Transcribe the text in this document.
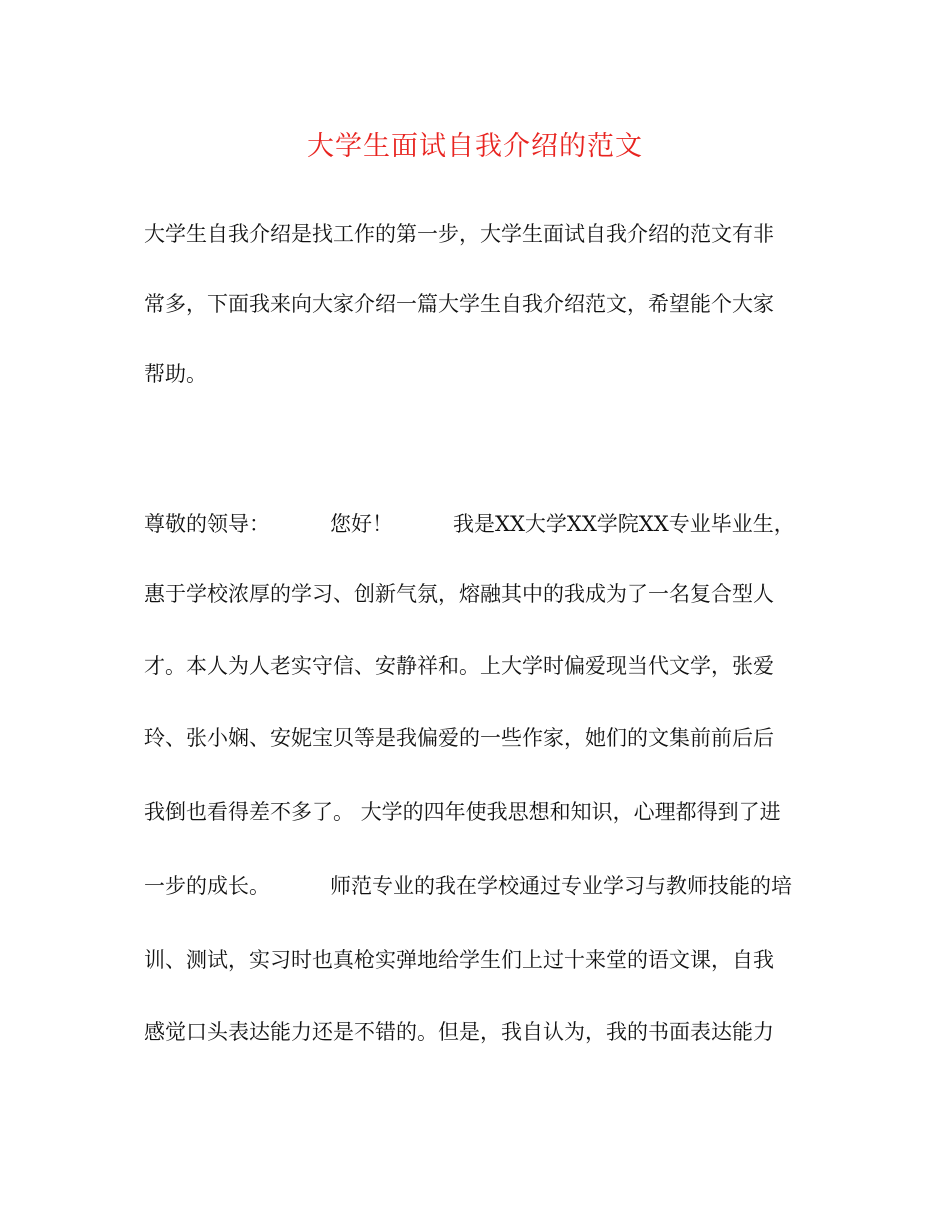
大学生面试自我介绍的范文

大学生自我介绍是找工作的第一步，大学生面试自我介绍的范文有非

常多，下面我来向大家介绍一篇大学生自我介绍范文，希望能个大家

帮助。

尊敬的领导：	您好！	我是XX大学XX学院XX专业毕业生，

惠于学校浓厚的学习、创新气氛，熔融其中的我成为了一名复合型人

才。本人为人老实守信、安静祥和。上大学时偏爱现当代文学，张爱

玲、张小娴、安妮宝贝等是我偏爱的一些作家，她们的文集前前后后

我倒也看得差不多了。 大学的四年使我思想和知识，心理都得到了进

一步的成长。	师范专业的我在学校通过专业学习与教师技能的培

训、测试，实习时也真枪实弹地给学生们上过十来堂的语文课，自我

感觉口头表达能力还是不错的。但是，我自认为，我的书面表达能力
